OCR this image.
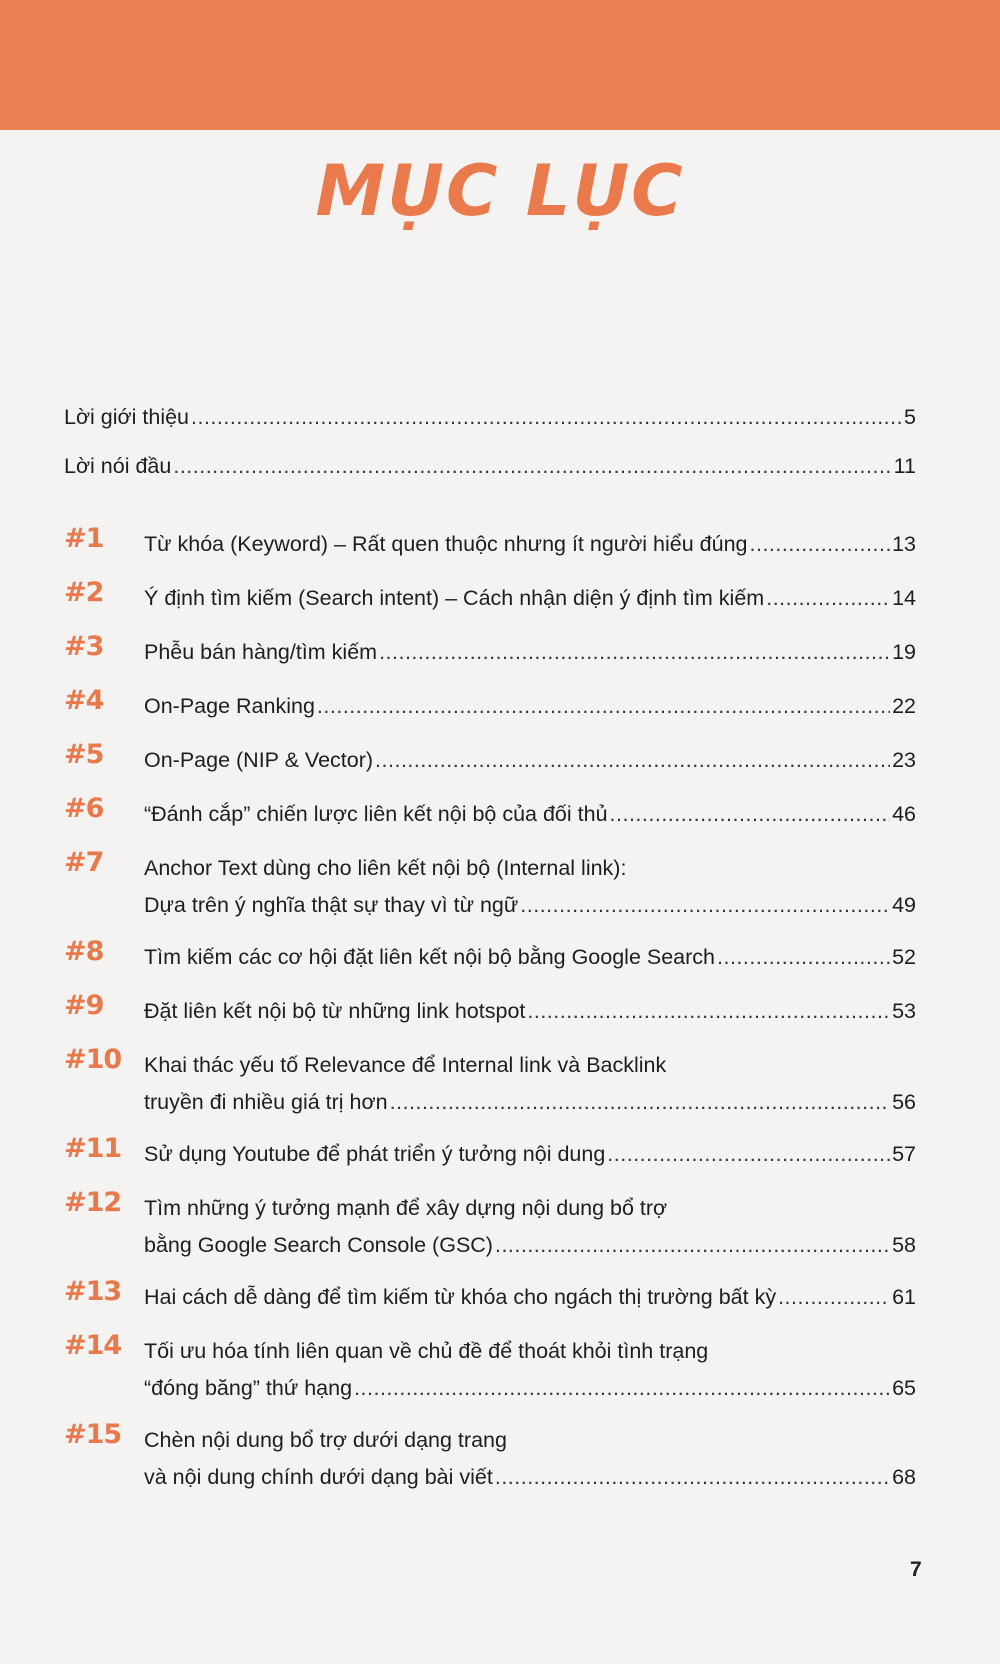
MỤC LỤC
Lời giới thiệu .....	5
Lời nói đầu .....	11
#1 Từ khóa (Keyword) – Rất quen thuộc nhưng ít người hiểu đúng .....	13
#2 Ý định tìm kiếm (Search intent) – Cách nhận diện ý định tìm kiếm .....	14
#3 Phễu bán hàng/tìm kiếm .....	19
#4 On-Page Ranking .....	22
#5 On-Page (NIP & Vector) .....	23
#6 “Đánh cắp” chiến lược liên kết nội bộ của đối thủ .....	46
#7 Anchor Text dùng cho liên kết nội bộ (Internal link):
Dựa trên ý nghĩa thật sự thay vì từ ngữ .....	49
#8 Tìm kiếm các cơ hội đặt liên kết nội bộ bằng Google Search .....	52
#9 Đặt liên kết nội bộ từ những link hotspot .....	53
#10 Khai thác yếu tố Relevance để Internal link và Backlink
truyền đi nhiều giá trị hơn .....	56
#11 Sử dụng Youtube để phát triển ý tưởng nội dung .....	57
#12 Tìm những ý tưởng mạnh để xây dựng nội dung bổ trợ
bằng Google Search Console (GSC) .....	58
#13 Hai cách dễ dàng để tìm kiếm từ khóa cho ngách thị trường bất kỳ .....	61
#14 Tối ưu hóa tính liên quan về chủ đề để thoát khỏi tình trạng
“đóng băng” thứ hạng .....	65
#15 Chèn nội dung bổ trợ dưới dạng trang
và nội dung chính dưới dạng bài viết .....	68
7
